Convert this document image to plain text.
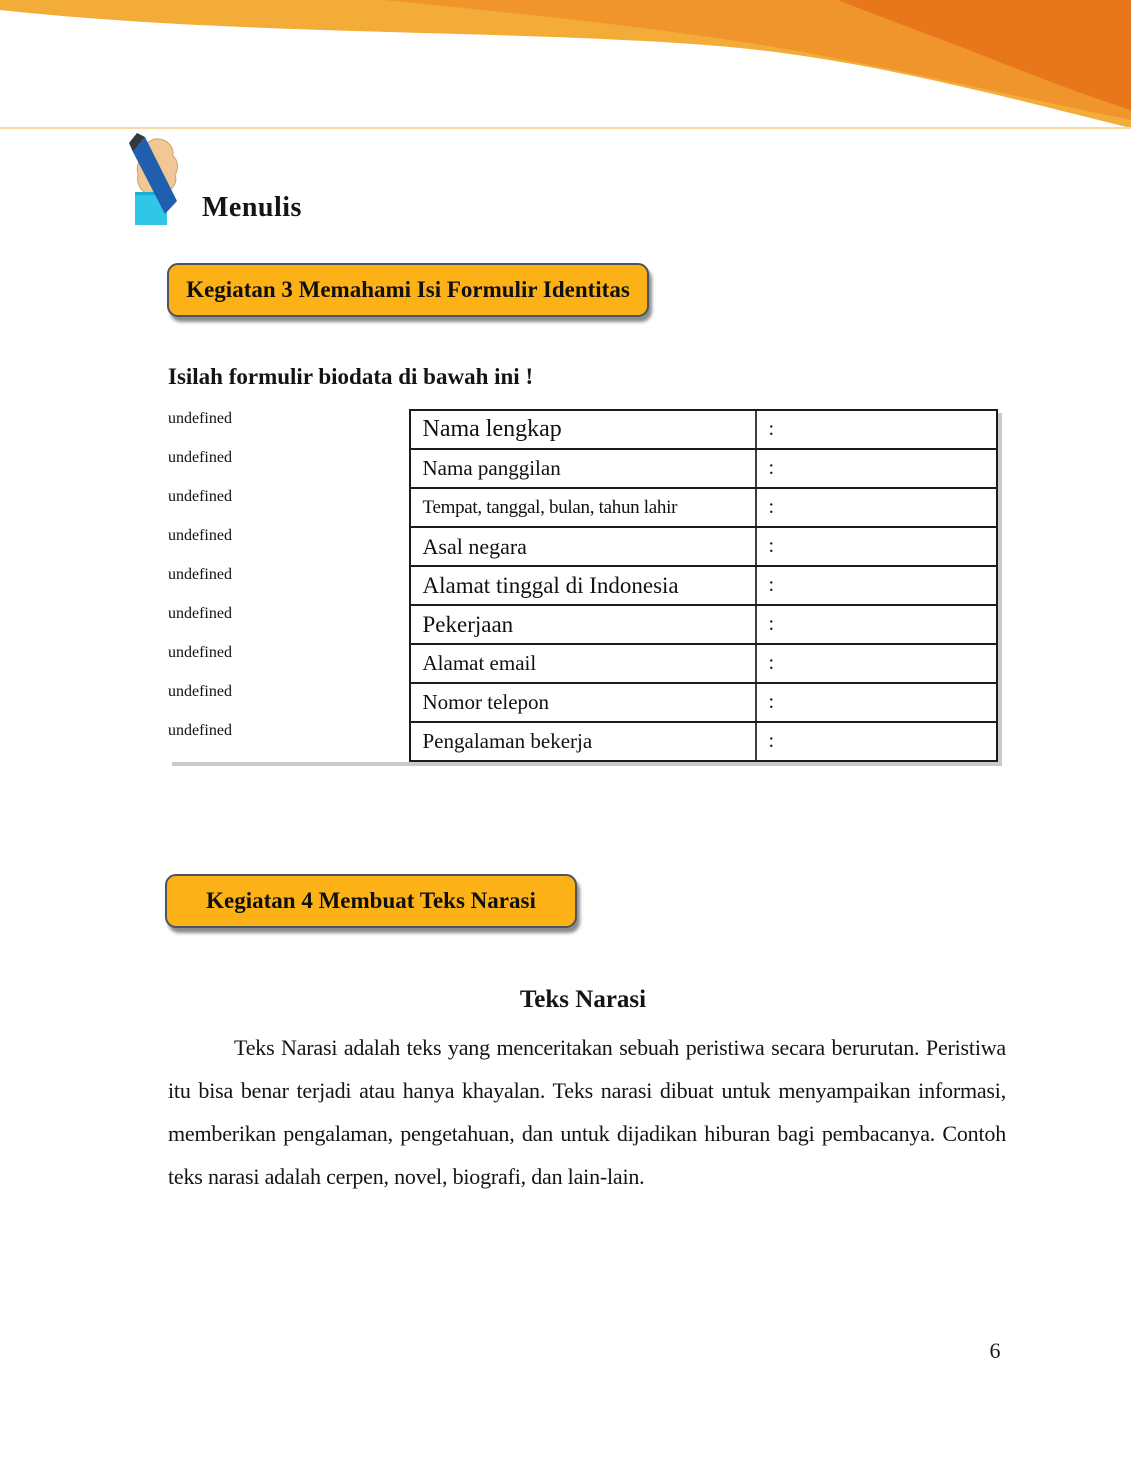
Menulis
Kegiatan 3 Memahami Isi Formulir Identitas

Isilah formulir biodata di bawah ini !

undefined	Nama lengkap	:
undefined	Nama panggilan	:
undefined	Tempat, tanggal, bulan, tahun lahir	:
undefined	Asal negara	:
undefined	Alamat tinggal di Indonesia	:
undefined	Pekerjaan	:
undefined	Alamat email	:
undefined	Nomor telepon	:
undefined	Pengalaman bekerja	:
Kegiatan 4 Membuat Teks Narasi
Teks Narasi

Teks Narasi adalah teks yang menceritakan sebuah peristiwa secara berurutan. Peristiwa itu bisa benar terjadi atau hanya khayalan. Teks narasi dibuat untuk menyampaikan informasi, memberikan pengalaman, pengetahuan, dan untuk dijadikan hiburan bagi pembacanya. Contoh teks narasi adalah cerpen, novel, biografi, dan lain-lain.

6
